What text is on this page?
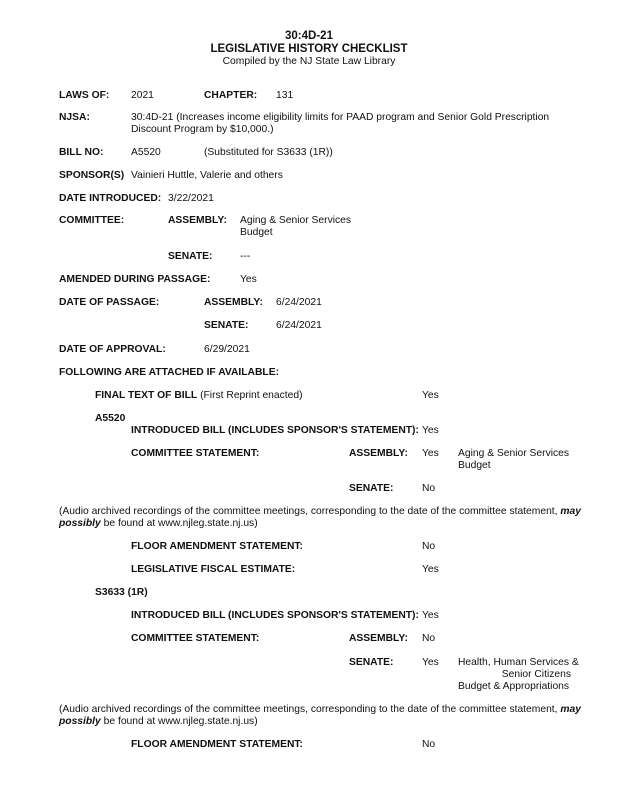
30:4D-21
LEGISLATIVE HISTORY CHECKLIST
Compiled by the NJ State Law Library
LAWS OF: 2021	CHAPTER: 131
NJSA:	30:4D-21 (Increases income eligibility limits for PAAD program and Senior Gold Prescription Discount Program by $10,000.)
BILL NO:	A5520	(Substituted for S3633 (1R))
SPONSOR(S) Vainieri Huttle, Valerie and others
DATE INTRODUCED: 3/22/2021
COMMITTEE:	ASSEMBLY: Aging & Senior Services
Budget
SENATE:	---
AMENDED DURING PASSAGE:	Yes
DATE OF PASSAGE:	ASSEMBLY: 6/24/2021
SENATE:	6/24/2021
DATE OF APPROVAL:	6/29/2021
FOLLOWING ARE ATTACHED IF AVAILABLE:
FINAL TEXT OF BILL (First Reprint enacted)	Yes
A5520
INTRODUCED BILL (INCLUDES SPONSOR'S STATEMENT): Yes
COMMITTEE STATEMENT:	ASSEMBLY: Yes Aging & Senior Services
Budget
SENATE:	No
(Audio archived recordings of the committee meetings, corresponding to the date of the committee statement, may possibly be found at www.njleg.state.nj.us)
FLOOR AMENDMENT STATEMENT:	No
LEGISLATIVE FISCAL ESTIMATE:	Yes
S3633 (1R)
INTRODUCED BILL (INCLUDES SPONSOR'S STATEMENT): Yes
COMMITTEE STATEMENT:	ASSEMBLY: No
SENATE:	Yes Health, Human Services &
Senior Citizens
Budget & Appropriations
(Audio archived recordings of the committee meetings, corresponding to the date of the committee statement, may possibly be found at www.njleg.state.nj.us)
FLOOR AMENDMENT STATEMENT:	No
